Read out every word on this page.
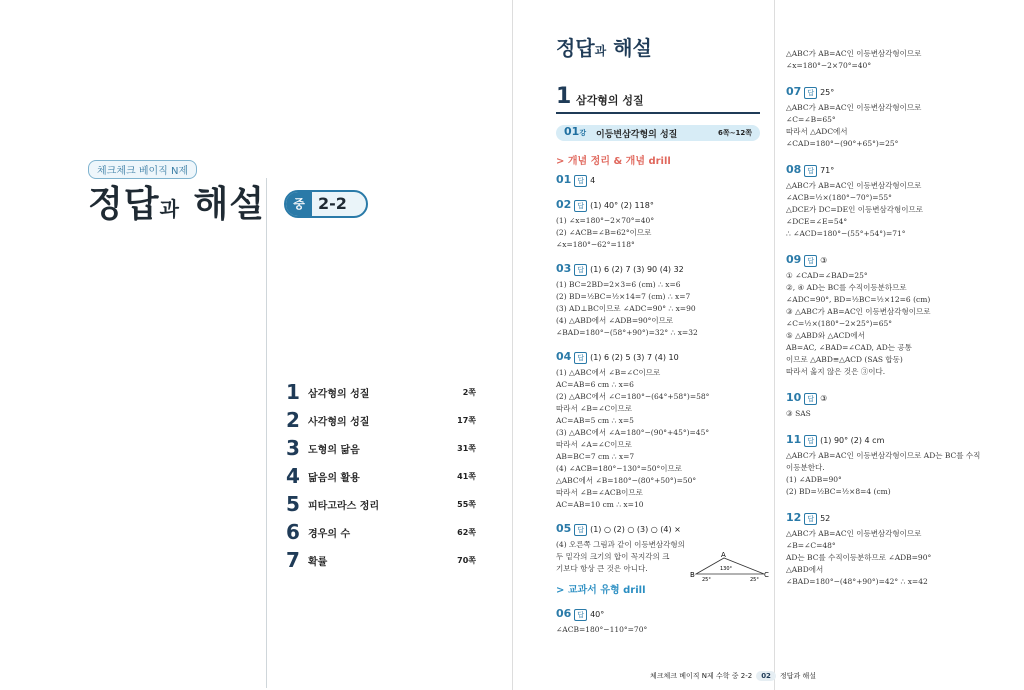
체크체크 베이직 N제
정답과 해설	중 2-2
1 삼각형의 성질	2쪽
2 사각형의 성질	17쪽
3 도형의 닮음	31쪽
4 닮음의 활용	41쪽
5 피타고라스 정리	55쪽
6 경우의 수	62쪽
7 확률	70쪽
정답과 해설
1 삼각형의 성질
01강 이등변삼각형의 성질	6쪽~12쪽
> 개념 정리 & 개념 drill
01 답 4
02 답 (1) 40° (2) 118°
(1) ∠x=180°−2×70°=40°
(2) ∠ACB=∠B=62°이므로
∠x=180°−62°=118°
03 답 (1) 6 (2) 7 (3) 90 (4) 32
(1) BC=2BD=2×3=6 (cm) ∴ x=6
(2) BD=½BC=½×14=7 (cm) ∴ x=7
(3) AD⊥BC이므로 ∠ADC=90° ∴ x=90
(4) △ABD에서 ∠ADB=90°이므로
∠BAD=180°−(58°+90°)=32° ∴ x=32
04 답 (1) 6 (2) 5 (3) 7 (4) 10
(1) △ABC에서 ∠B=∠C이므로
AC=AB=6 cm ∴ x=6
(2) △ABC에서 ∠C=180°−(64°+58°)=58°
따라서 ∠B=∠C이므로
AC=AB=5 cm ∴ x=5
(3) △ABC에서 ∠A=180°−(90°+45°)=45°
따라서 ∠A=∠C이므로
AB=BC=7 cm ∴ x=7
(4) ∠ACB=180°−130°=50°이므로
△ABC에서 ∠B=180°−(80°+50°)=50°
따라서 ∠B=∠ACB이므로
AC=AB=10 cm ∴ x=10
05 답 (1) ○ (2) ○ (3) ○ (4) ×
(4) 오른쪽 그림과 같이 이등변삼각형의
두 밑각의 크기의 합이 꼭지각의 크
기보다 항상 큰 것은 아니다.
> 교과서 유형 drill
06 답 40°
∠ACB=180°−110°=70°
△ABC가 AB=AC인 이등변삼각형이므로
∠x=180°−2×70°=40°
07 답 25°
△ABC가 AB=AC인 이등변삼각형이므로
∠C=∠B=65°
따라서 △ADC에서
∠CAD=180°−(90°+65°)=25°
08 답 71°
△ABC가 AB=AC인 이등변삼각형이므로
∠ACB=½×(180°−70°)=55°
△DCE가 DC=DE인 이등변삼각형이므로
∠DCE=∠E=54°
∴ ∠ACD=180°−(55°+54°)=71°
09 답 ③
① ∠CAD=∠BAD=25°
②, ④ AD는 BC를 수직이등분하므로
∠ADC=90°, BD=½BC=½×12=6 (cm)
③ △ABC가 AB=AC인 이등변삼각형이므로
∠C=½×(180°−2×25°)=65°
⑤ △ABD와 △ACD에서
AB=AC, ∠BAD=∠CAD, AD는 공통
이므로 △ABD≡△ACD (SAS 합동)
따라서 옳지 않은 것은 ③이다.
10 답 ③
③ SAS
11 답 (1) 90° (2) 4 cm
△ABC가 AB=AC인 이등변삼각형이므로 AD는 BC를 수직
이등분한다.
(1) ∠ADB=90°
(2) BD=½BC=½×8=4 (cm)
12 답 52
△ABC가 AB=AC인 이등변삼각형이므로
∠B=∠C=48°
AD는 BC를 수직이등분하므로 ∠ADB=90°
△ABD에서
∠BAD=180°−(48°+90°)=42° ∴ x=42
A
B	C
130°
25°	25°
체크체크 베이직 N제 수학 중 2-2 02 정답과 해설
